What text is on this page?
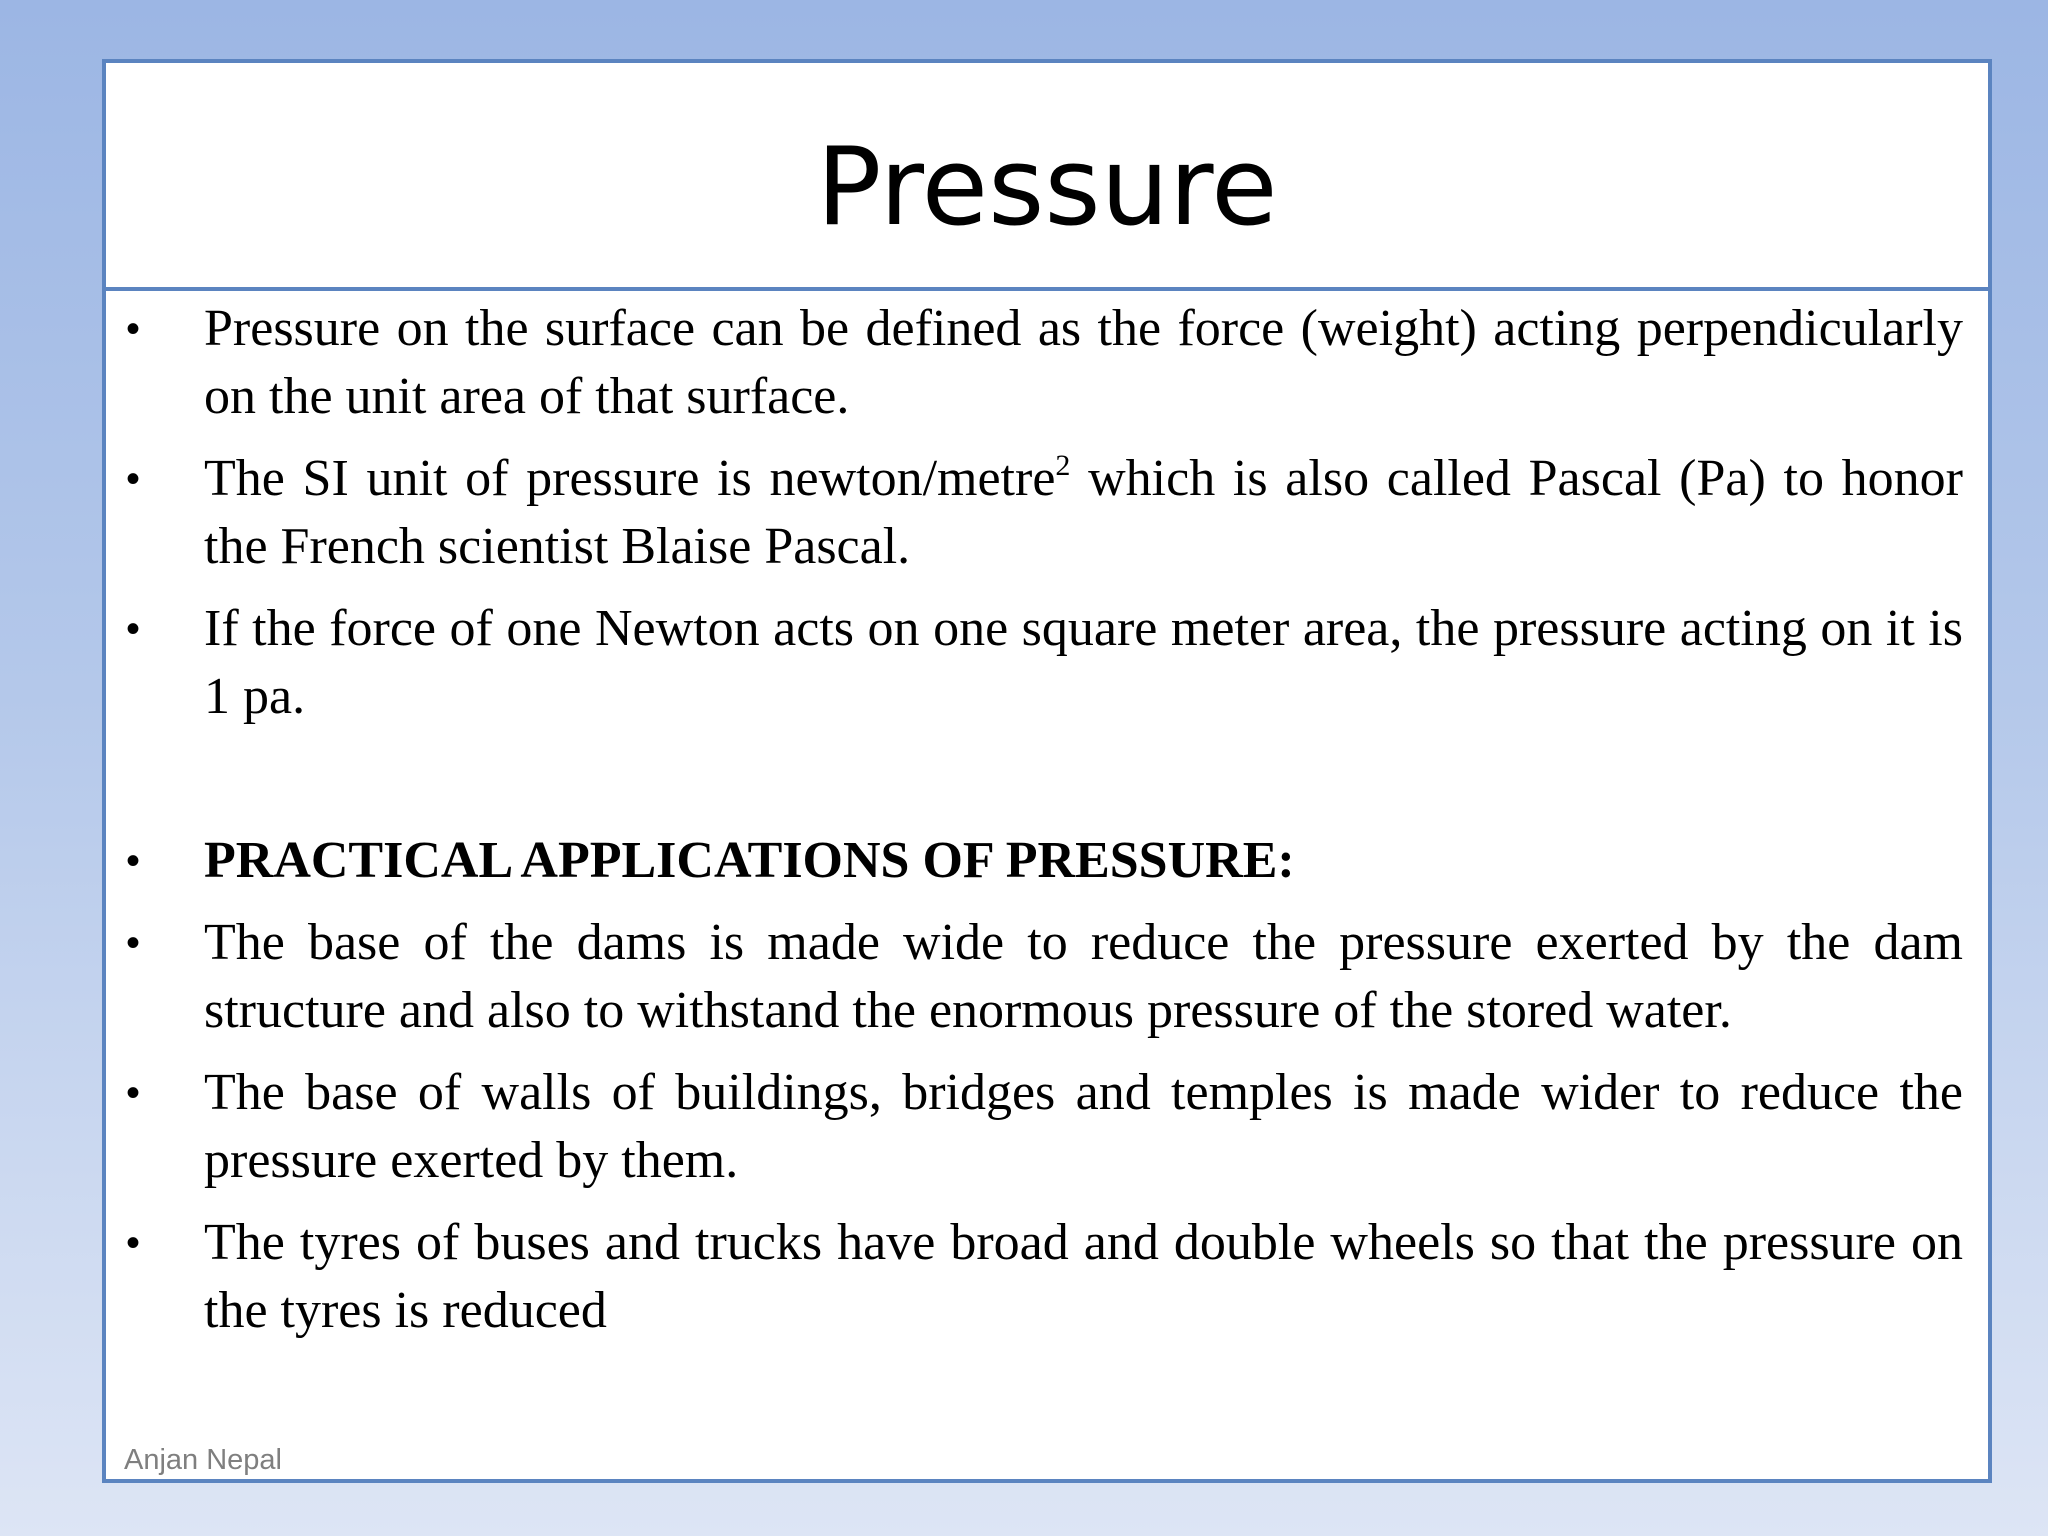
Pressure
•	Pressure on the surface can be defined as the force (weight) acting perpendicularly on the unit area of that surface.
•	The SI unit of pressure is newton/metre$^2$ which is also called Pascal (Pa) to honor the French scientist Blaise Pascal.
•	If the force of one Newton acts on one square meter area, the pressure acting on it is 1 pa.
•	PRACTICAL APPLICATIONS OF PRESSURE:
•	The base of the dams is made wide to reduce the pressure exerted by the dam structure and also to withstand the enormous pressure of the stored water.
•	The base of walls of buildings, bridges and temples is made wider to reduce the pressure exerted by them.
•	The tyres of buses and trucks have broad and double wheels so that the pressure on the tyres is reduced
Anjan Nepal
